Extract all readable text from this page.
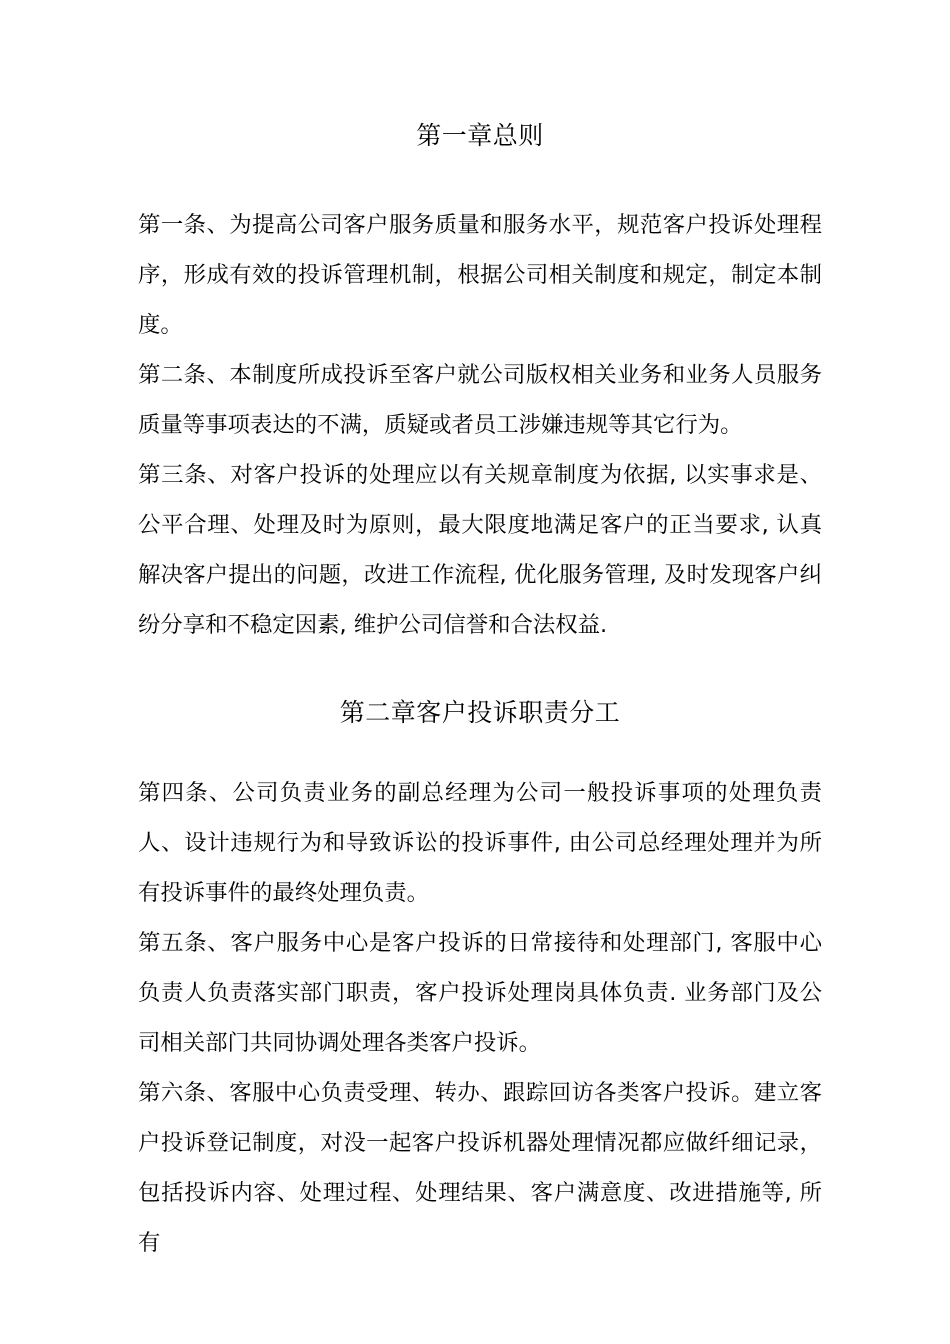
第一章总则

第一条、为提高公司客户服务质量和服务水平，规范客户投诉处理程序，形成有效的投诉管理机制，根据公司相关制度和规定，制定本制度。

第二条、本制度所成投诉至客户就公司版权相关业务和业务人员服务质量等事项表达的不满，质疑或者员工涉嫌违规等其它行为。

第三条、对客户投诉的处理应以有关规章制度为依据, 以实事求是、公平合理、处理及时为原则，最大限度地满足客户的正当要求, 认真解决客户提出的问题，改进工作流程, 优化服务管理, 及时发现客户纠纷分享和不稳定因素, 维护公司信誉和合法权益.

第二章客户投诉职责分工

第四条、公司负责业务的副总经理为公司一般投诉事项的处理负责人、设计违规行为和导致诉讼的投诉事件, 由公司总经理处理并为所有投诉事件的最终处理负责。

第五条、客户服务中心是客户投诉的日常接待和处理部门, 客服中心负责人负责落实部门职责，客户投诉处理岗具体负责. 业务部门及公司相关部门共同协调处理各类客户投诉。

第六条、客服中心负责受理、转办、跟踪回访各类客户投诉。建立客户投诉登记制度，对没一起客户投诉机器处理情况都应做纤细记录，包括投诉内容、处理过程、处理结果、客户满意度、改进措施等, 所有
